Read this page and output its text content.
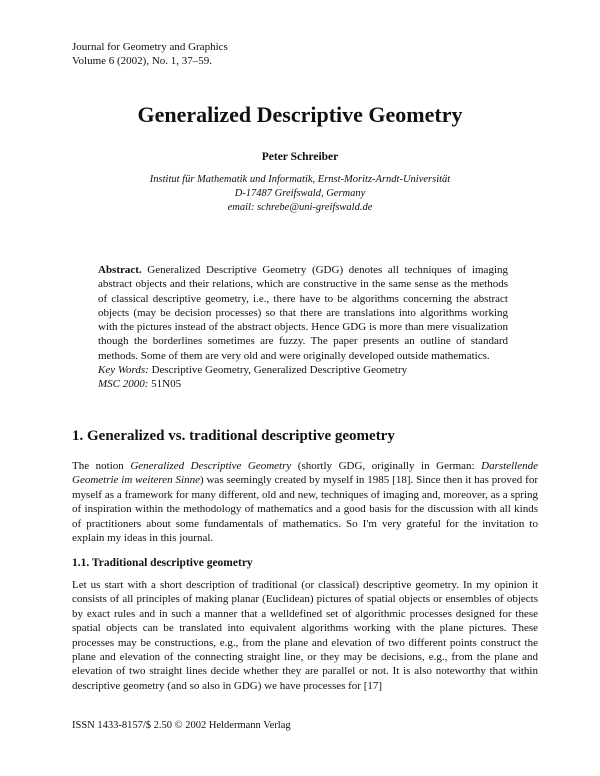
Journal for Geometry and Graphics
Volume 6 (2002), No. 1, 37–59.
Generalized Descriptive Geometry
Peter Schreiber
Institut für Mathematik und Informatik, Ernst-Moritz-Arndt-Universität
D-17487 Greifswald, Germany
email: schrebe@uni-greifswald.de
Abstract. Generalized Descriptive Geometry (GDG) denotes all techniques of imaging abstract objects and their relations, which are constructive in the same sense as the methods of classical descriptive geometry, i.e., there have to be algorithms concerning the abstract objects (may be decision processes) so that there are translations into algorithms working with the pictures instead of the abstract objects. Hence GDG is more than mere visualization though the borderlines sometimes are fuzzy. The paper presents an outline of standard methods. Some of them are very old and were originally developed outside mathematics.
Key Words: Descriptive Geometry, Generalized Descriptive Geometry
MSC 2000: 51N05
1. Generalized vs. traditional descriptive geometry
The notion Generalized Descriptive Geometry (shortly GDG, originally in German: Darstellende Geometrie im weiteren Sinne) was seemingly created by myself in 1985 [18]. Since then it has proved for myself as a framework for many different, old and new, techniques of imaging and, moreover, as a spring of inspiration within the methodology of mathematics and a good basis for the discussion with all kinds of practitioners about some fundamentals of mathematics. So I'm very grateful for the invitation to explain my ideas in this journal.
1.1. Traditional descriptive geometry
Let us start with a short description of traditional (or classical) descriptive geometry. In my opinion it consists of all principles of making planar (Euclidean) pictures of spatial objects or ensembles of objects by exact rules and in such a manner that a welldefined set of algorithmic processes designed for these spatial objects can be translated into equivalent algorithms working with the plane pictures. These processes may be constructions, e.g., from the plane and elevation of two different points construct the plane and elevation of the connecting straight line, or they may be decisions, e.g., from the plane and elevation of two straight lines decide whether they are parallel or not. It is also noteworthy that within descriptive geometry (and so also in GDG) we have processes for [17]
ISSN 1433-8157/$ 2.50 © 2002 Heldermann Verlag
